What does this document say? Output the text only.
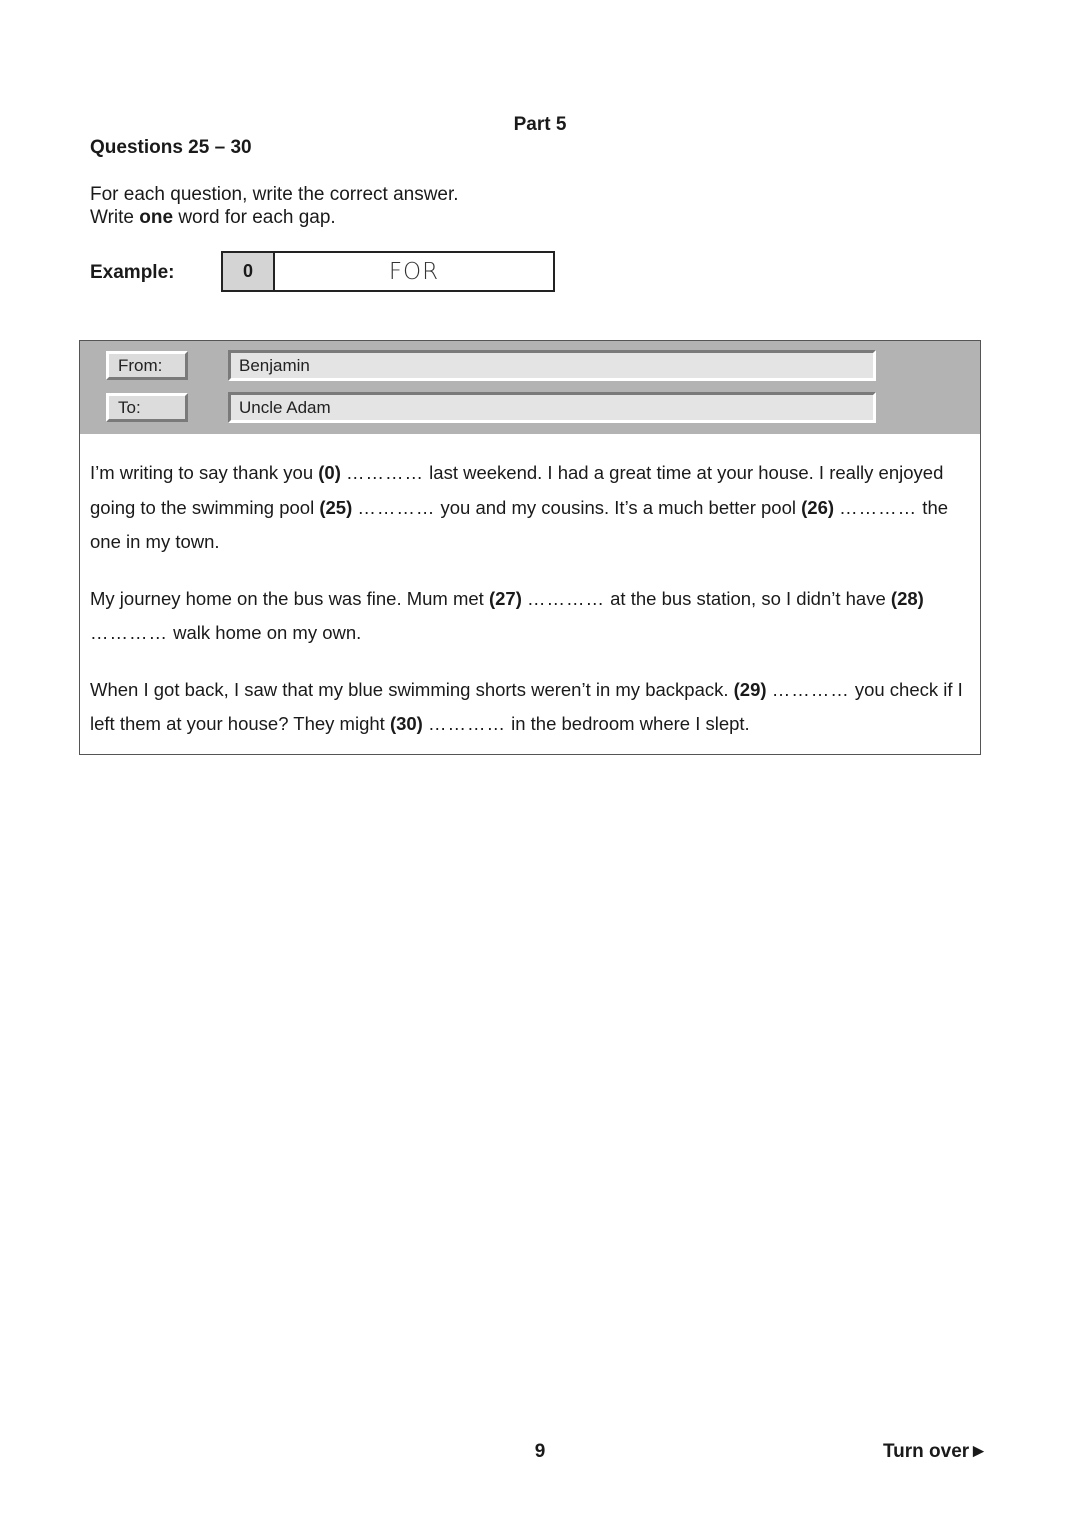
Part 5
Questions 25 – 30
For each question, write the correct answer.
Write one word for each gap.
Example:	0	FOR
From:	Benjamin
To:	Uncle Adam

I’m writing to say thank you (0) ………… last weekend. I had a great time at your house. I really enjoyed going to the swimming pool (25) ………… you and my cousins. It’s a much better pool (26) ………… the one in my town.

My journey home on the bus was fine. Mum met (27) ………… at the bus station, so I didn’t have (28) ………… walk home on my own.

When I got back, I saw that my blue swimming shorts weren’t in my backpack. (29) ………… you check if I left them at your house? They might (30) ………… in the bedroom where I slept.

9	Turn over►
